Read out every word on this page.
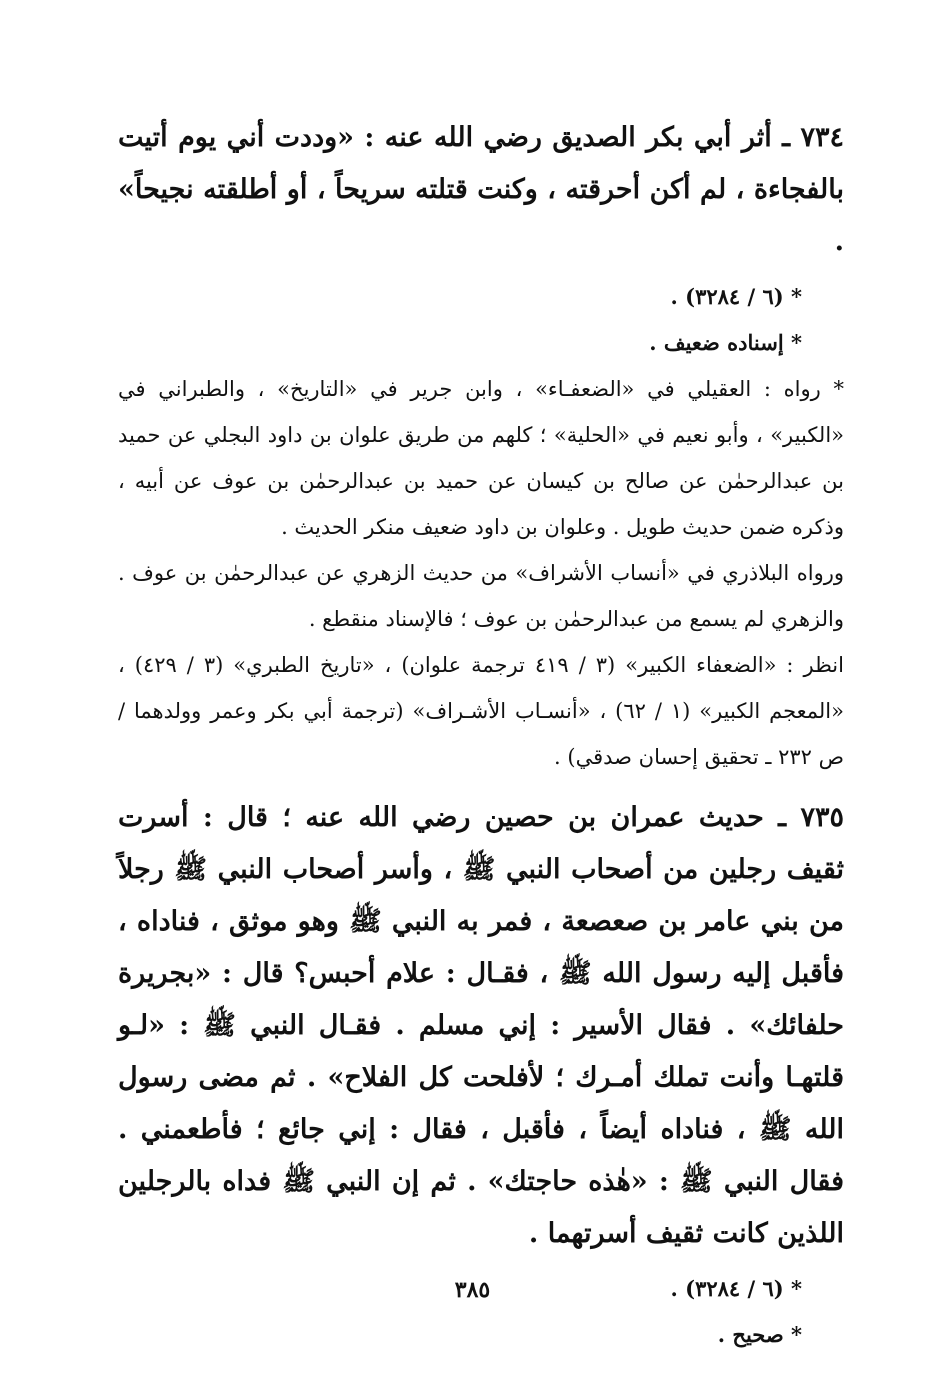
٧٣٤ ـ أثر أبي بكر الصديق رضي الله عنه : «وددت أني يوم أتيت بالفجاءة ، لم أكن أحرقته ، وكنت قتلته سريحاً ، أو أطلقته نجيحاً» .

* (٦ / ٣٢٨٤) .

* إسناده ضعيف .

* رواه : العقيلي في «الضعفـاء» ، وابن جرير في «التاريخ» ، والطبراني في «الكبير» ، وأبو نعيم في «الحلية» ؛ كلهم من طريق علوان بن داود البجلي عن حميد بن عبدالرحمٰن عن صالح بن كيسان عن حميد بن عبدالرحمٰن بن عوف عن أبيه ، وذكره ضمن حديث طويل . وعلوان بن داود ضعيف منكر الحديث .

ورواه البلاذري في «أنساب الأشراف» من حديث الزهري عن عبدالرحمٰن بن عوف . والزهري لم يسمع من عبدالرحمٰن بن عوف ؛ فالإسناد منقطع .

انظر : «الضعفاء الكبير» (٣ / ٤١٩ ترجمة علوان) ، «تاريخ الطبري» (٣ / ٤٢٩) ، «المعجم الكبير» (١ / ٦٢) ، «أنسـاب الأشـراف» (ترجمة أبي بكر وعمر وولدهما / ص ٢٣٢ ـ تحقيق إحسان صدقي) .

٧٣٥ ـ حديث عمران بن حصين رضي الله عنه ؛ قال : أسرت ثقيف رجلين من أصحاب النبي ﷺ ، وأسر أصحاب النبي ﷺ رجلاً من بني عامر بن صعصعة ، فمر به النبي ﷺ وهو موثق ، فناداه ، فأقبل إليه رسول الله ﷺ ، فقـال : علام أحبس؟ قال : «بجريرة حلفائك» . فقال الأسير : إني مسلم . فقـال النبي ﷺ : «لـو قلتهـا وأنت تملك أمـرك ؛ لأفلحت كل الفلاح» . ثم مضى رسول الله ﷺ ، فناداه أيضاً ، فأقبل ، فقال : إني جائع ؛ فأطعمني . فقال النبي ﷺ : «هٰذه حاجتك» . ثم إن النبي ﷺ فداه بالرجلين اللذين كانت ثقيف أسرتهما .

* (٦ / ٣٢٨٤) .

* صحيح .

٣٨٥
